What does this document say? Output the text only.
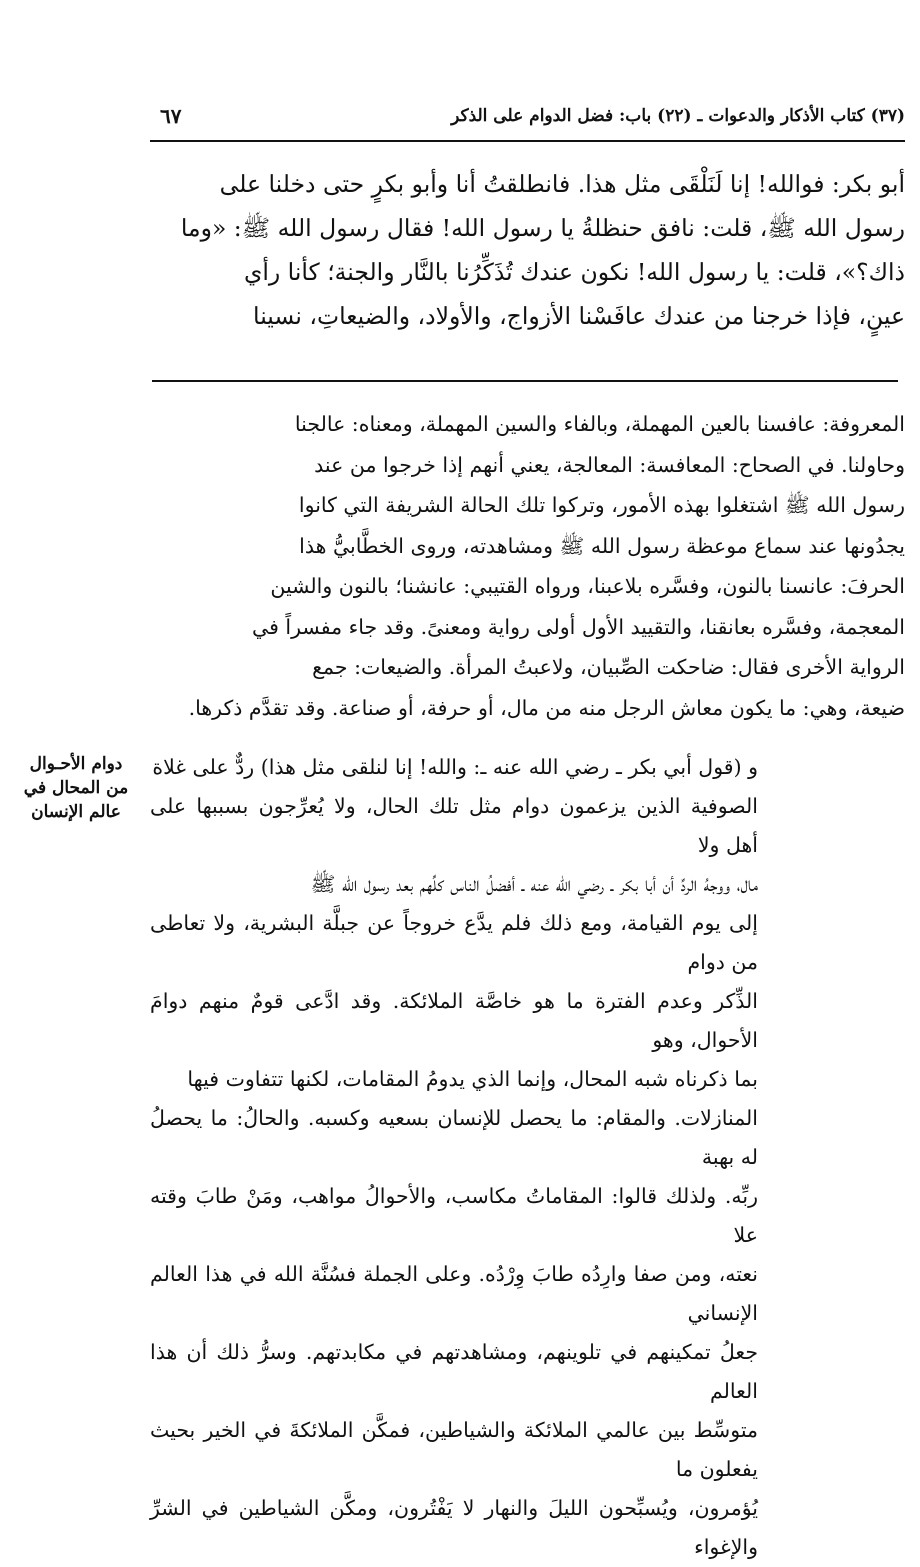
(٣٧) كتاب الأذكار والدعوات ـ (٢٢) باب: فضل الدوام على الذكر
٦٧
أبو بكر: فوالله! إنا لَنَلْقَى مثل هذا. فانطلقتُ أنا وأبو بكرٍ حتى دخلنا على
رسول الله ﷺ، قلت: نافق حنظلةُ يا رسول الله! فقال رسول الله ﷺ: «وما
ذاك؟»، قلت: يا رسول الله! نكون عندك تُذَكِّرُنا بالنَّار والجنة؛ كأنا رأي
عينٍ، فإذا خرجنا من عندك عافَسْنا الأزواج، والأولاد، والضيعاتِ، نسينا
المعروفة: عافسنا بالعين المهملة، وبالفاء والسين المهملة، ومعناه: عالجنا
وحاولنا. في الصحاح: المعافسة: المعالجة، يعني أنهم إذا خرجوا من عند
رسول الله ﷺ اشتغلوا بهذه الأمور، وتركوا تلك الحالة الشريفة التي كانوا
يجدُونها عند سماع موعظة رسول الله ﷺ ومشاهدته، وروى الخطَّابيُّ هذا
الحرفَ: عانسنا بالنون، وفسَّره بلاعبنا، ورواه القتيبي: عانشنا؛ بالنون والشين
المعجمة، وفسَّره بعانقنا، والتقييد الأول أولى رواية ومعنىً. وقد جاء مفسراً في
الرواية الأخرى فقال: ضاحكت الصِّبيان، ولاعبتُ المرأة. والضيعات: جمع
ضيعة، وهي: ما يكون معاش الرجل منه من مال، أو حرفة، أو صناعة. وقد تقدَّم ذكرها.
و (قول أبي بكر ـ رضي الله عنه ـ: والله! إنا لنلقى مثل هذا) ردٌّ على غلاة
الصوفية الذين يزعمون دوام مثل تلك الحال، ولا يُعرِّجون بسببها على أهل ولا
مال، ووجهُ الردِّ أن أبا بكر ـ رضي الله عنه ـ أفضلُ الناس كلِّهم بعد رسول الله ﷺ
إلى يوم القيامة، ومع ذلك فلم يدَّع خروجاً عن جبلَّة البشرية، ولا تعاطى من دوام
الذِّكر وعدم الفترة ما هو خاصَّة الملائكة. وقد ادَّعى قومٌ منهم دوامَ الأحوال، وهو
بما ذكرناه شبه المحال، وإنما الذي يدومُ المقامات، لكنها تتفاوت فيها
المنازلات. والمقام: ما يحصل للإنسان بسعيه وكسبه. والحالُ: ما يحصلُ له بهبة
ربِّه. ولذلك قالوا: المقاماتُ مكاسب، والأحوالُ مواهب، ومَنْ طابَ وقته علا
نعته، ومن صفا وارِدُه طابَ وِرْدُه. وعلى الجملة فسُنَّة الله في هذا العالم الإنساني
جعلُ تمكينهم في تلوينهم، ومشاهدتهم في مكابدتهم. وسرُّ ذلك أن هذا العالم
متوسِّط بين عالمي الملائكة والشياطين، فمكَّن الملائكةَ في الخير بحيث يفعلون ما
يُؤمرون، ويُسبِّحون الليلَ والنهار لا يَفْتُرون، ومكَّن الشياطين في الشرِّ والإغواء
دوام الأحـوال
من المحال في
عالم الإنسان
